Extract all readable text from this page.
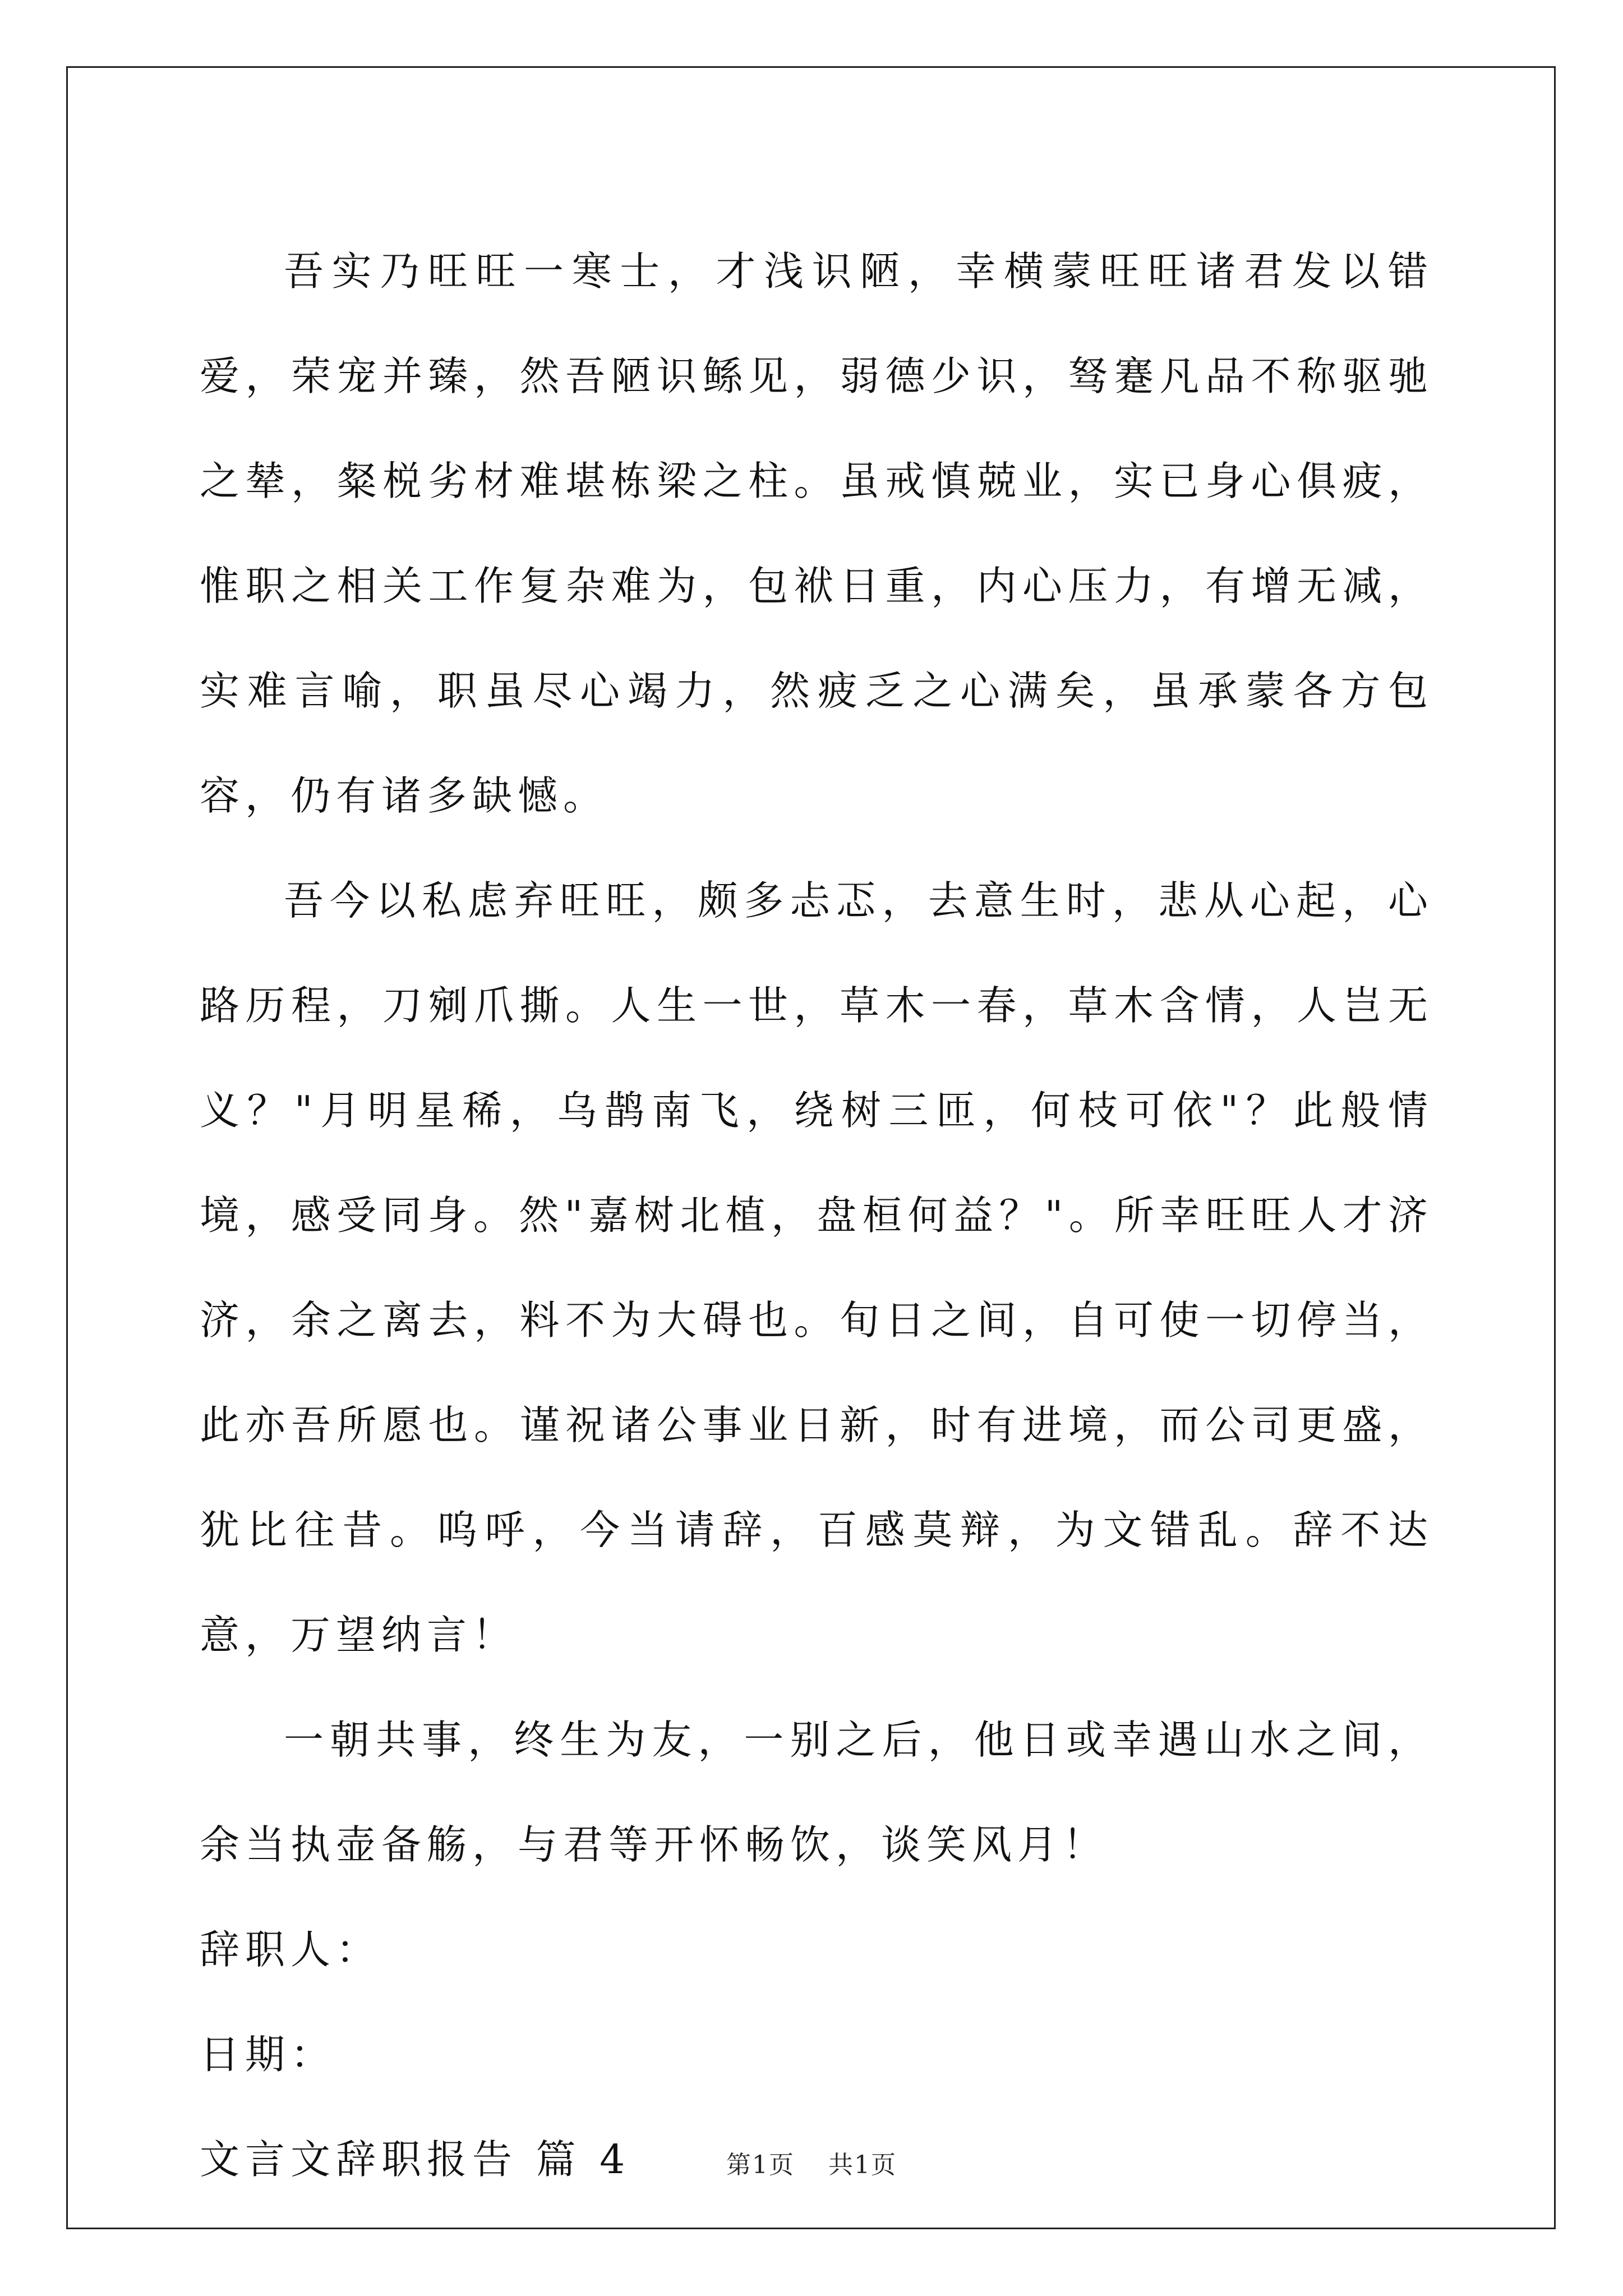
吾实乃旺旺一寒士，才浅识陋，幸横蒙旺旺诸君发以错爱，荣宠并臻，然吾陋识鲧见，弱德少识，驽蹇凡品不称驱驰之辇，粲棁劣材难堪栋梁之柱。虽戒慎兢业，实已身心俱疲，惟职之相关工作复杂难为，包袱日重，内心压力，有增无减，实难言喻，职虽尽心竭力，然疲乏之心满矣，虽承蒙各方包容，仍有诸多缺憾。

吾今以私虑弃旺旺，颇多忐忑，去意生时，悲从心起，心路历程，刀剜爪撕。人生一世，草木一春，草木含情，人岂无义？"月明星稀，乌鹊南飞，绕树三匝，何枝可依"？此般情境，感受同身。然"嘉树北植，盘桓何益？"。所幸旺旺人才济济，余之离去，料不为大碍也。旬日之间，自可使一切停当，此亦吾所愿也。谨祝诸公事业日新，时有进境，而公司更盛，犹比往昔。呜呼，今当请辞，百感莫辩，为文错乱。辞不达意，万望纳言！

一朝共事，终生为友，一别之后，他日或幸遇山水之间，余当执壶备觞，与君等开怀畅饮，谈笑风月！

辞职人：

日期：

文言文辞职报告 篇 4	第1页 共1页
